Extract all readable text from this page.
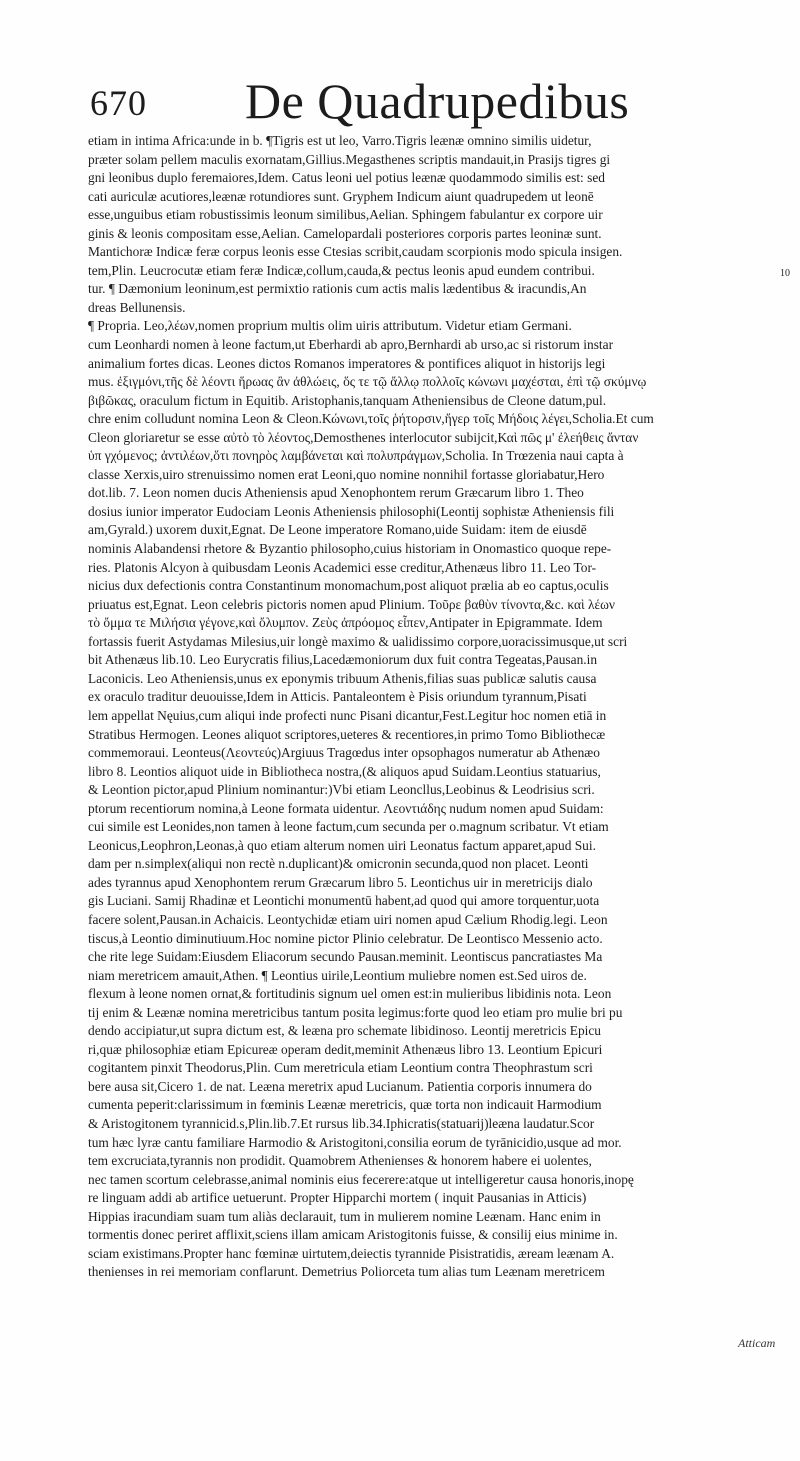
670 De Quadrupedibus
10
etiam in intima Africa:unde in b. ¶Tigris est ut leo, Varro.Tigris leænæ omnino similis uidetur,
præter solam pellem maculis exornatam,Gillius.Megasthenes scriptis mandauit,in Prasijs tigres gi
gni leonibus duplo feremaiores,Idem. Catus leoni uel potius leænæ quodammodo similis est: sed
cati auriculæ acutiores,leænæ rotundiores sunt. Gryphem Indicum aiunt quadrupedem ut leonē
esse,unguibus etiam robustissimis leonum similibus,Aelian. Sphingem fabulantur ex corpore uir
ginis & leonis compositam esse,Aelian. Camelopardali posteriores corporis partes leoninæ sunt.
Mantichoræ Indicæ feræ corpus leonis esse Ctesias scribit,caudam scorpionis modo spicula insigen.
tem,Plin. Leucrocutæ etiam feræ Indicæ,collum,cauda,& pectus leonis apud eundem contribui.
tur. ¶ Dæmonium leoninum,est permixtio rationis cum actis malis lædentibus & iracundis,An
dreas Bellunensis.
¶ Propria. Leo,λέων,nomen proprium multis olim uiris attributum. Videtur etiam Germani.
cum Leonhardi nomen à leone factum,ut Eberhardi ab apro,Bernhardi ab urso,ac si ristorum instar
animalium fortes dicas. Leones dictos Romanos imperatores & pontifices aliquot in historijs legi
mus. ἐξιγμόνι,τῆς δὲ λέοντι ἥρωας ἂν ἀθλώεις, ὅς τε τῷ ἄλλῳ πολλοῖς κώνωνι μαχέσται, ἐπὶ τῷ σκύμνῳ
βιβῶκας, oraculum fictum in Equitib. Aristophanis,tanquam Atheniensibus de Cleone datum,pul.
chre enim colludunt nomina Leon & Cleon.Κώνωνι,τοῖς ῥήτορσιν,ἤγερ τοῖς Μήδοις λέγει,Scholia.Et cum
Cleon gloriaretur se esse αὐτὸ τὸ λέοντος,Demosthenes interlocutor subijcit,Καὶ πῶς μ' ἐλεήθεις ἄνταν
ὑπ γχόμενος; ἀντιλέων,ὅτι πονηρὸς λαμβάνεται καὶ πολυπράγμων,Scholia. In Trœzenia naui capta à
classe Xerxis,uiro strenuissimo nomen erat Leoni,quo nomine nonnihil fortasse gloriabatur,Hero
dot.lib. 7. Leon nomen ducis Atheniensis apud Xenophontem rerum Græcarum libro 1. Theo
dosius iunior imperator Eudociam Leonis Atheniensis philosophi(Leontij sophistæ Atheniensis fili
am,Gyrald.) uxorem duxit,Egnat. De Leone imperatore Romano,uide Suidam: item de eiusdē
nominis Alabandensi rhetore & Byzantio philosopho,cuius historiam in Onomastico quoque repe-
ries. Platonis Alcyon à quibusdam Leonis Academici esse creditur,Athenæus libro 11. Leo Tor-
nicius dux defectionis contra Constantinum monomachum,post aliquot prælia ab eo captus,oculis
priuatus est,Egnat. Leon celebris pictoris nomen apud Plinium. Τοῦρε βαθὺν τίνοντα,&c. καὶ λέων
τὸ ὄμμα τε Μιλήσια γέγονε,καὶ ὄλυμπον. Ζεὺς ἀπρόομος εἶπεν,Antipater in Epigrammate. Idem
fortassis fuerit Astydamas Milesius,uir longè maximo & ualidissimo corpore,uoracissimusque,ut scri
bit Athenæus lib.10. Leo Eurycratis filius,Lacedæmoniorum dux fuit contra Tegeatas,Pausan.in
Laconicis. Leo Atheniensis,unus ex eponymis tribuum Athenis,filias suas publicæ salutis causa
ex oraculo traditur deuouisse,Idem in Atticis. Pantaleontem è Pisis oriundum tyrannum,Pisati
lem appellat Nęuius,cum aliqui inde profecti nunc Pisani dicantur,Fest.Legitur hoc nomen etiā in
Stratibus Hermogen. Leones aliquot scriptores,ueteres & recentiores,in primo Tomo Bibliothecæ
commemoraui. Leonteus(Λεοντεύς)Argiuus Tragœdus inter opsophagos numeratur ab Athenæo
libro 8. Leontios aliquot uide in Bibliotheca nostra,(& aliquos apud Suidam.Leontius statuarius,
& Leontion pictor,apud Plinium nominantur:)Vbi etiam Leoncllus,Leobinus & Leodrisius scri.
ptorum recentiorum nomina,à Leone formata uidentur. Λεοντιάδης nudum nomen apud Suidam:
cui simile est Leonides,non tamen à leone factum,cum secunda per o.magnum scribatur. Vt etiam
Leonicus,Leophron,Leonas,à quo etiam alterum nomen uiri Leonatus factum apparet,apud Sui.
dam per n.simplex(aliqui non rectè n.duplicant)& omicronin secunda,quod non placet. Leonti
ades tyrannus apud Xenophontem rerum Græcarum libro 5. Leontichus uir in meretricijs dialo
gis Luciani. Samij Rhadinæ et Leontichi monumentū habent,ad quod qui amore torquentur,uota
facere solent,Pausan.in Achaicis. Leontychidæ etiam uiri nomen apud Cælium Rhodig.legi. Leon
tiscus,à Leontio diminutiuum.Hoc nomine pictor Plinio celebratur. De Leontisco Messenio acto.
che rite lege Suidam:Eiusdem Eliacorum secundo Pausan.meminit. Leontiscus pancratiastes Ma
niam meretricem amauit,Athen. ¶ Leontius uirile,Leontium muliebre nomen est.Sed uiros de.
flexum à leone nomen ornat,& fortitudinis signum uel omen est:in mulieribus libidinis nota. Leon
tij enim & Leænæ nomina meretricibus tantum posita legimus:forte quod leo etiam pro mulie bri pu
dendo accipiatur,ut supra dictum est, & leæna pro schemate libidinoso. Leontij meretricis Epicu
ri,quæ philosophiæ etiam Epicureæ operam dedit,meminit Athenæus libro 13. Leontium Epicuri
cogitantem pinxit Theodorus,Plin. Cum meretricula etiam Leontium contra Theophrastum scri
bere ausa sit,Cicero 1. de nat. Leæna meretrix apud Lucianum. Patientia corporis innumera do
cumenta peperit:clarissimum in fœminis Leænæ meretricis, quæ torta non indicauit Harmodium
& Aristogitonem tyrannicid.s,Plin.lib.7.Et rursus lib.34.Iphicratis(statuarij)leæna laudatur.Scor
tum hæc lyræ cantu familiare Harmodio & Aristogitoni,consilia eorum de tyrānicidio,usque ad mor.
tem excruciata,tyrannis non prodidit. Quamobrem Athenienses & honorem habere ei uolentes,
nec tamen scortum celebrasse,animal nominis eius fecerere:atque ut intelligeretur causa honoris,inopę
re linguam addi ab artifice uetuerunt. Propter Hipparchi mortem ( inquit Pausanias in Atticis)
Hippias iracundiam suam tum aliàs declarauit, tum in mulierem nomine Leænam. Hanc enim in
tormentis donec periret afflixit,sciens illam amicam Aristogitonis fuisse, & consilij eius minime in.
sciam existimans.Propter hanc fœminæ uirtutem,deiectis tyrannide Pisistratidis, æream leænam A.
thenienses in rei memoriam conflarunt. Demetrius Poliorceta tum alias tum Leænam meretricem
Atticam
